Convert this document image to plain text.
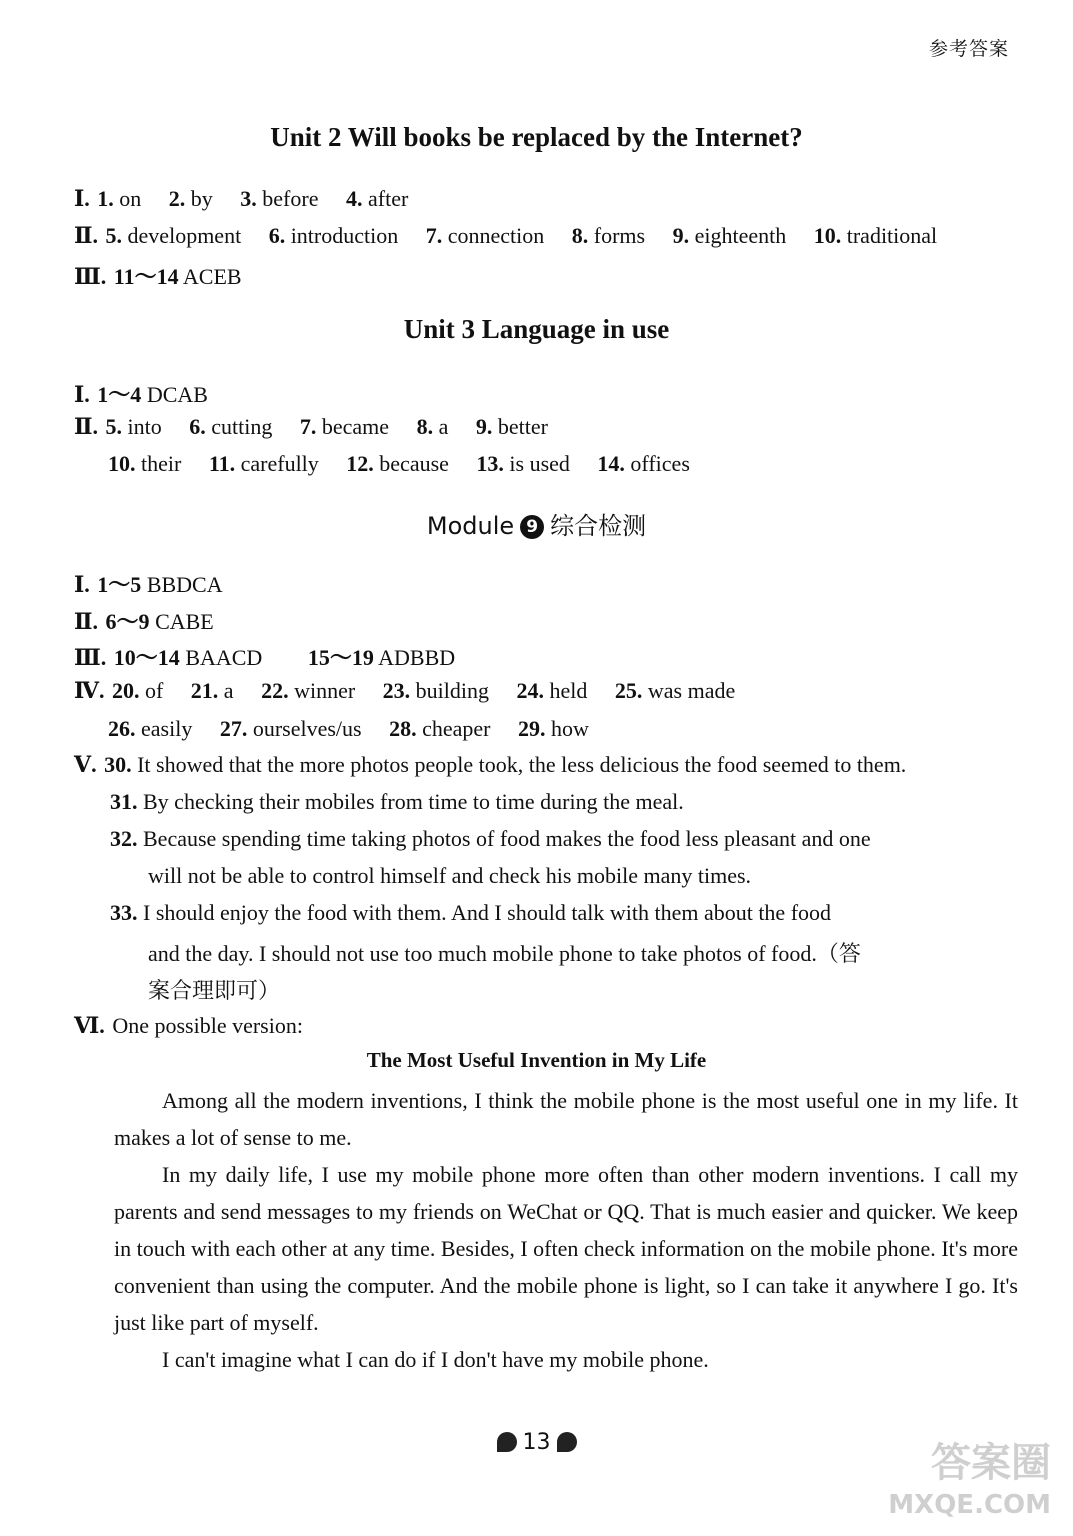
参考答案
Unit 2 Will books be replaced by the Internet?
Ⅰ. 1. on 2. by 3. before 4. after
Ⅱ. 5. development 6. introduction 7. connection 8. forms 9. eighteenth 10. traditional
Ⅲ. 11～14 ACEB
Unit 3 Language in use
Ⅰ. 1～4 DCAB
Ⅱ. 5. into 6. cutting 7. became 8. a 9. better
10. their 11. carefully 12. because 13. is used 14. offices
Module 9 综合检测
Ⅰ. 1～5 BBDCA
Ⅱ. 6～9 CABE
Ⅲ. 10～14 BAACD 15～19 ADBBD
Ⅳ. 20. of 21. a 22. winner 23. building 24. held 25. was made
26. easily 27. ourselves/us 28. cheaper 29. how
Ⅴ. 30. It showed that the more photos people took, the less delicious the food seemed to them.
31. By checking their mobiles from time to time during the meal.
32. Because spending time taking photos of food makes the food less pleasant and one
will not be able to control himself and check his mobile many times.
33. I should enjoy the food with them. And I should talk with them about the food
and the day. I should not use too much mobile phone to take photos of food.（答
案合理即可）
Ⅵ. One possible version:
The Most Useful Invention in My Life

Among all the modern inventions, I think the mobile phone is the most useful one in my life. It makes a lot of sense to me.

In my daily life, I use my mobile phone more often than other modern inventions. I call my parents and send messages to my friends on WeChat or QQ. That is much easier and quicker. We keep in touch with each other at any time. Besides, I often check information on the mobile phone. It's more convenient than using the computer. And the mobile phone is light, so I can take it anywhere I go. It's just like part of myself.

I can't imagine what I can do if I don't have my mobile phone.

13	答案圈
MXQE.COM
